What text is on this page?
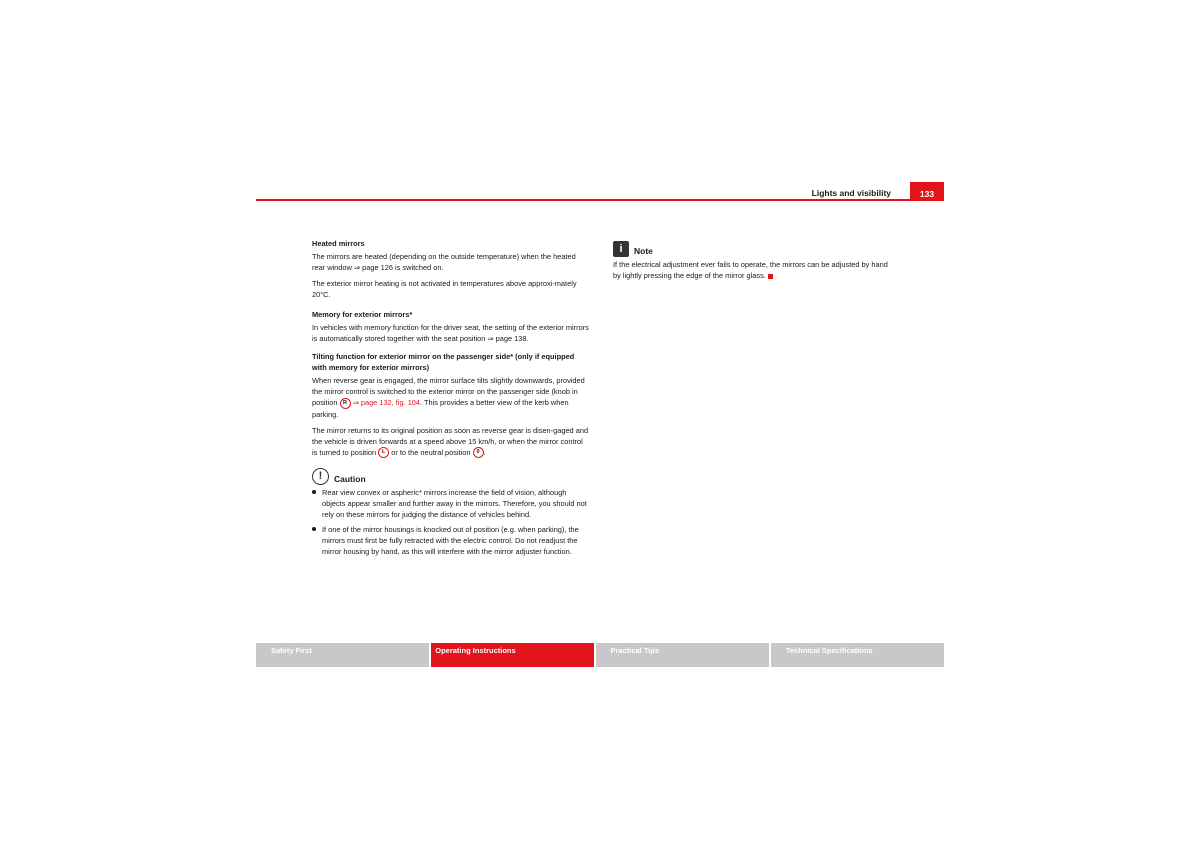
Lights and visibility	133
Heated mirrors

The mirrors are heated (depending on the outside temperature) when the heated rear window ⇒ page 126 is switched on.

The exterior mirror heating is not activated in temperatures above approxi-mately 20°C.

Memory for exterior mirrors*

In vehicles with memory function for the driver seat, the setting of the exterior mirrors is automatically stored together with the seat position ⇒ page 138.

Tilting function for exterior mirror on the passenger side* (only if equipped with memory for exterior mirrors)

When reverse gear is engaged, the mirror surface tilts slightly downwards, provided the mirror control is switched to the exterior mirror on the passenger side (knob in position R ⇒ page 132, fig. 104. This provides a better view of the kerb when parking.

The mirror returns to its original position as soon as reverse gear is disen-gaged and the vehicle is driven forwards at a speed above 15 km/h, or when the mirror control is turned to position L or to the neutral position 0 .

!	Caution
Rear view convex or aspheric* mirrors increase the field of vision, although objects appear smaller and further away in the mirrors. Therefore, you should not rely on these mirrors for judging the distance of vehicles behind.
If one of the mirror housings is knocked out of position (e.g. when parking), the mirrors must first be fully retracted with the electric control. Do not readjust the mirror housing by hand, as this will interfere with the mirror adjuster function.
i	Note

If the electrical adjustment ever fails to operate, the mirrors can be adjusted by hand by lightly pressing the edge of the mirror glass.

Safety First	Operating Instructions	Practical Tips	Technical Specifications
